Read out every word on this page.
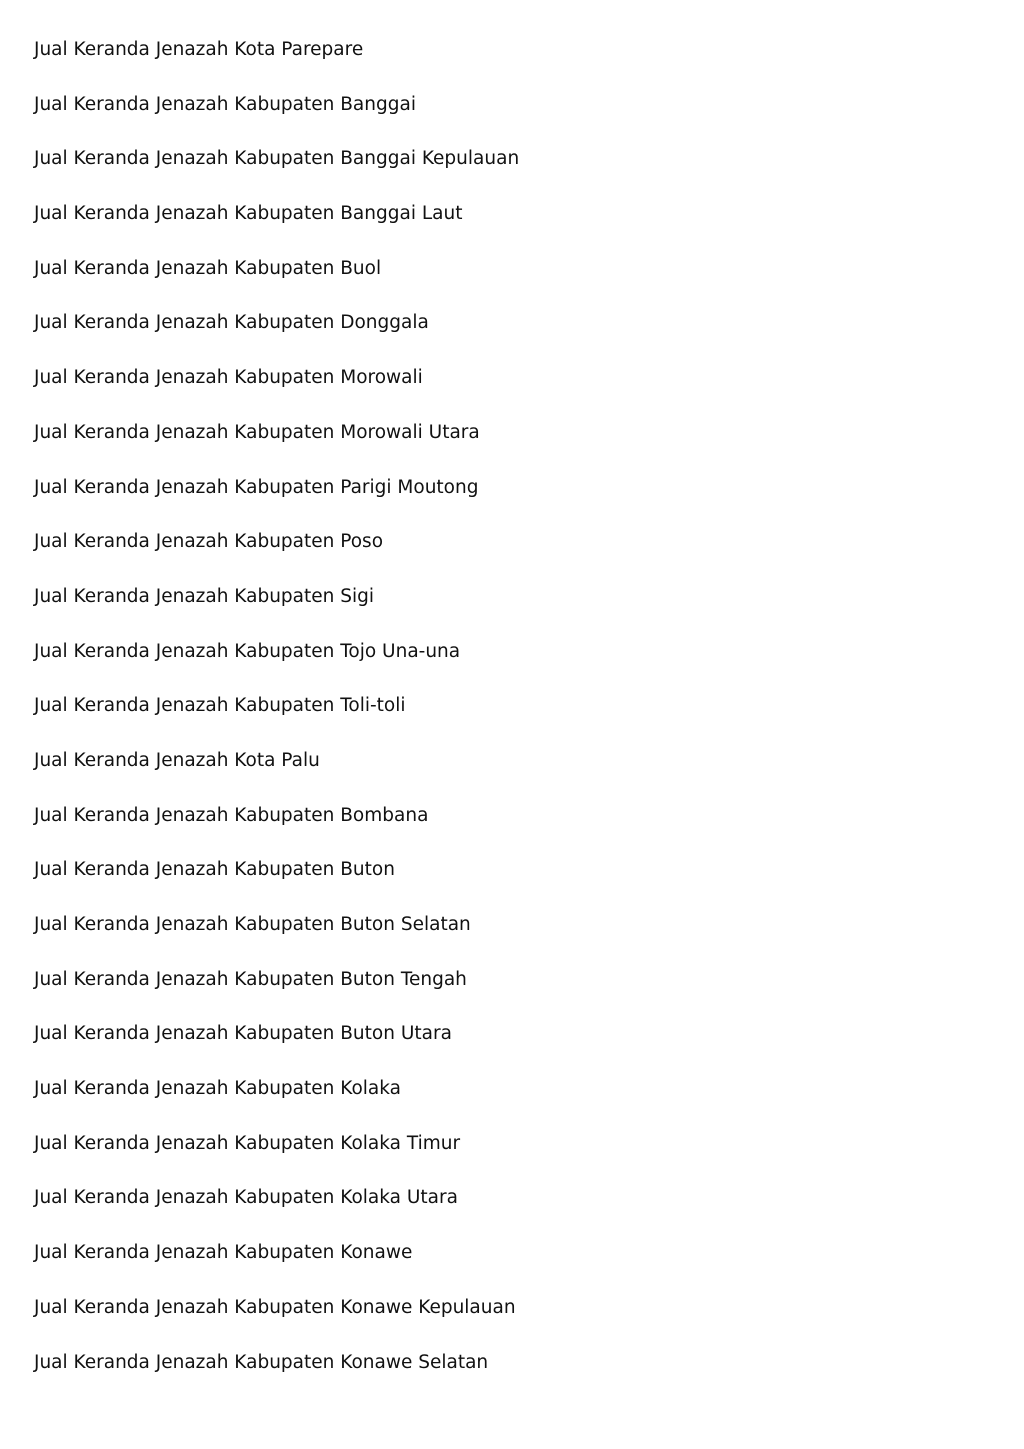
Jual Keranda Jenazah Kota Parepare
Jual Keranda Jenazah Kabupaten Banggai
Jual Keranda Jenazah Kabupaten Banggai Kepulauan
Jual Keranda Jenazah Kabupaten Banggai Laut
Jual Keranda Jenazah Kabupaten Buol
Jual Keranda Jenazah Kabupaten Donggala
Jual Keranda Jenazah Kabupaten Morowali
Jual Keranda Jenazah Kabupaten Morowali Utara
Jual Keranda Jenazah Kabupaten Parigi Moutong
Jual Keranda Jenazah Kabupaten Poso
Jual Keranda Jenazah Kabupaten Sigi
Jual Keranda Jenazah Kabupaten Tojo Una-una
Jual Keranda Jenazah Kabupaten Toli-toli
Jual Keranda Jenazah Kota Palu
Jual Keranda Jenazah Kabupaten Bombana
Jual Keranda Jenazah Kabupaten Buton
Jual Keranda Jenazah Kabupaten Buton Selatan
Jual Keranda Jenazah Kabupaten Buton Tengah
Jual Keranda Jenazah Kabupaten Buton Utara
Jual Keranda Jenazah Kabupaten Kolaka
Jual Keranda Jenazah Kabupaten Kolaka Timur
Jual Keranda Jenazah Kabupaten Kolaka Utara
Jual Keranda Jenazah Kabupaten Konawe
Jual Keranda Jenazah Kabupaten Konawe Kepulauan
Jual Keranda Jenazah Kabupaten Konawe Selatan
